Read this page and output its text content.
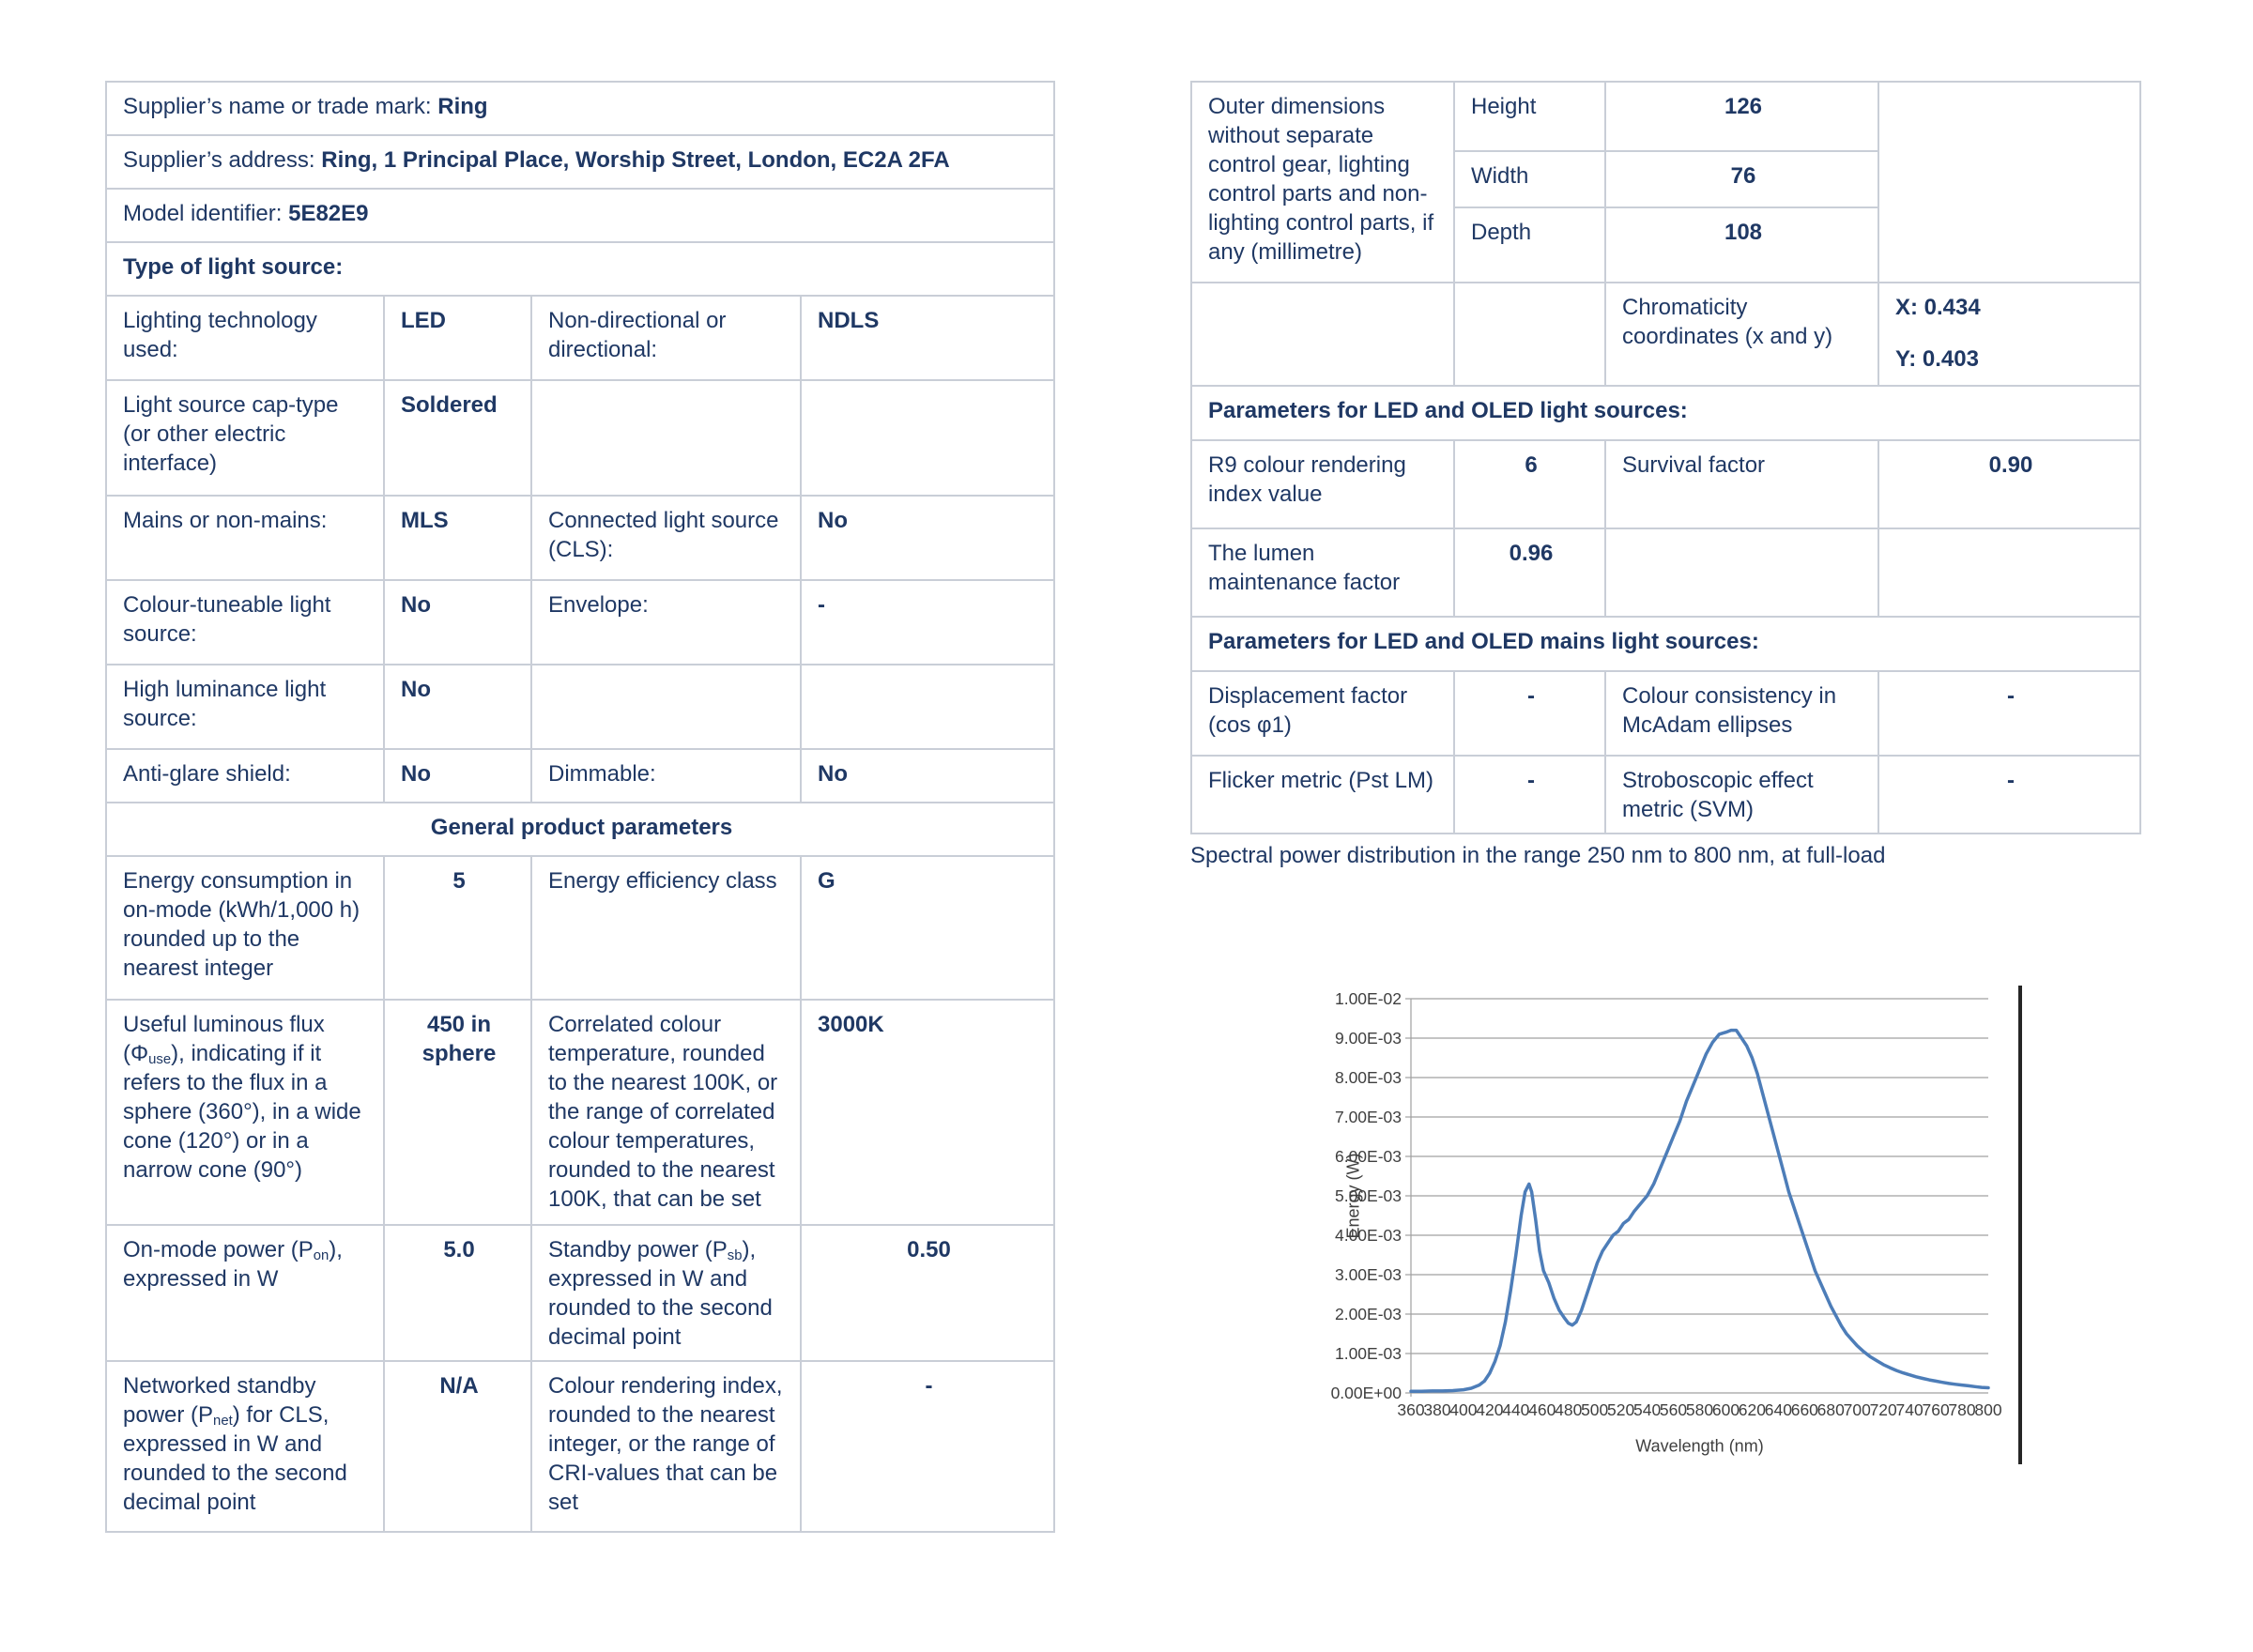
Supplier’s name or trade mark: Ring			
Supplier’s address: Ring, 1 Principal Place, Worship Street, London, EC2A 2FA			
Model identifier: 5E82E9			
Type of light source:			
Lighting technology used:	LED	Non-directional or directional:	NDLS
Light source cap-type (or other electric interface)	Soldered		
Mains or non-mains:	MLS	Connected light source (CLS):	No
Colour-tuneable light source:	No	Envelope:	-
High luminance light source:	No		
Anti-glare shield:	No	Dimmable:	No
General product parameters			
Energy consumption in on-mode (kWh/1,000 h) rounded up to the nearest integer	5	Energy efficiency class	G
Useful luminous flux (Φuse), indicating if it refers to the flux in a sphere (360°), in a wide cone (120°) or in a narrow cone (90°)	450 in sphere	Correlated colour temperature, rounded to the nearest 100K, or the range of correlated colour temperatures, rounded to the nearest 100K, that can be set	3000K
On-mode power (Pon), expressed in W	5.0	Standby power (Psb), expressed in W and rounded to the second decimal point	0.50
Networked standby power (Pnet) for CLS, expressed in W and rounded to the second decimal point	N/A	Colour rendering index, rounded to the nearest integer, or the range of CRI-values that can be set	-
Outer dimensions without separate control gear, lighting control parts and non-lighting control parts, if any (millimetre)	Height	126	
	Width	76	
	Depth	108	
		Chromaticity coordinates (x and y)	X: 0.434
Y: 0.403

Parameters for LED and OLED light sources:			
R9 colour rendering index value	6	Survival factor	0.90
The lumen maintenance factor	0.96		
Parameters for LED and OLED mains light sources:			
Displacement factor (cos φ1)	-	Colour consistency in McAdam ellipses	-
Flicker metric (Pst LM)	-	Stroboscopic effect metric (SVM)	-
Spectral power distribution in the range 250 nm to 800 nm, at full-load
1.00E-02
9.00E-03
8.00E-03
7.00E-03
6.00E-03
5.00E-03
4.00E-03
3.00E-03
2.00E-03
1.00E-03
0.00E+00
360
380
400
420
440
460
480
500
520
540
560
580
600
620
640
660
680
700
720
740
760
780
800
Wavelength (nm)
Energy (W)
